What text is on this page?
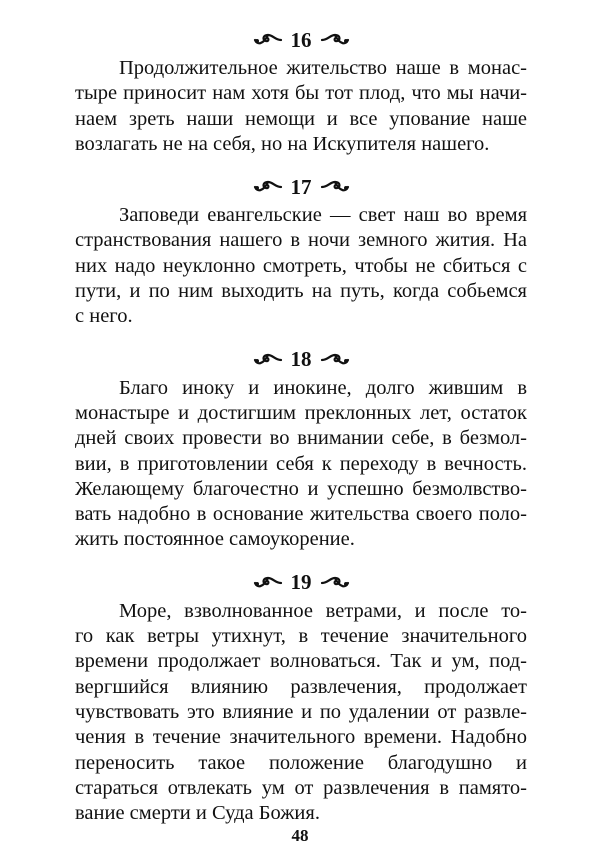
16

Продолжительное жительство наше в монас-
тыре приносит нам хотя бы тот плод, что мы начи-
наем зреть наши немощи и все упование наше
возлагать не на себя, но на Искупителя нашего.

17

Заповеди евангельские — свет наш во время
странствования нашего в ночи земного жития. На
них надо неуклонно смотреть, чтобы не сбиться с
пути, и по ним выходить на путь, когда собьемся
с него.

18

Благо иноку и инокине, долго жившим в
монастыре и достигшим преклонных лет, остаток
дней своих провести во внимании себе, в безмол-
вии, в приготовлении себя к переходу в вечность.
Желающему благочестно и успешно безмолвство-
вать надобно в основание жительства своего поло-
жить постоянное самоукорение.

19

Море, взволнованное ветрами, и после то-
го как ветры утихнут, в течение значительного
времени продолжает волноваться. Так и ум, под-
вергшийся влиянию развлечения, продолжает
чувствовать это влияние и по удалении от развле-
чения в течение значительного времени. Надобно
переносить такое положение благодушно и
стараться отвлекать ум от развлечения в памято-
вание смерти и Суда Божия.

48
